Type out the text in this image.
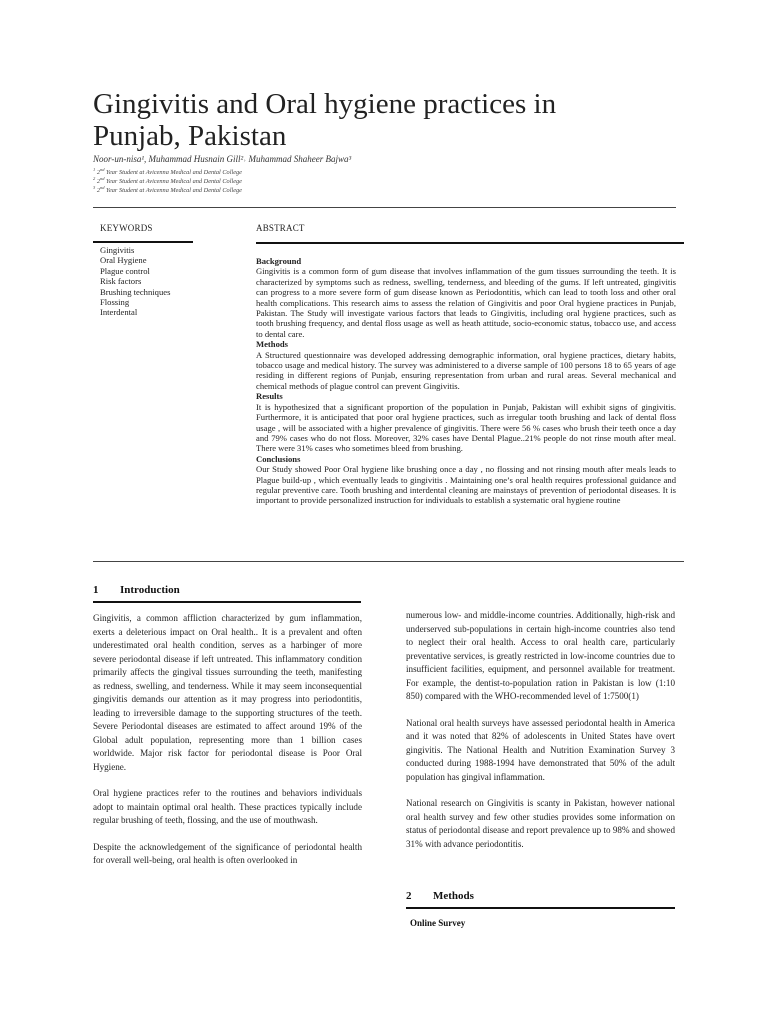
Gingivitis and Oral hygiene practices in
Punjab, Pakistan
Noor-un-nisa¹, Muhammad Husnain Gill²˒ Muhammad Shaheer Bajwa³
$^1$ 2nd Year Student at Avicenna Medical and Dental College
$^2$ 2nd Year Student at Avicenna Medical and Dental College
$^3$ 2nd Year Student at Avicenna Medical and Dental College
KEYWORDS
Gingivitis
Oral Hygiene
Plague control
Risk factors
Brushing techniques
Flossing
Interdental
ABSTRACT

Background

Gingivitis is a common form of gum disease that involves inflammation of the gum tissues surrounding the teeth. It is characterized by symptoms such as redness, swelling, tenderness, and bleeding of the gums. If left untreated, gingivitis can progress to a more severe form of gum disease known as Periodontitis, which can lead to tooth loss and other oral health complications. This research aims to assess the relation of Gingivitis and poor Oral hygiene practices in Punjab, Pakistan. The Study will investigate various factors that leads to Gingivitis, including oral hygiene practices, such as tooth brushing frequency, and dental floss usage as well as heath attitude, socio-economic status, tobacco use, and access to dental care.

Methods

A Structured questionnaire was developed addressing demographic information, oral hygiene practices, dietary habits, tobacco usage and medical history. The survey was administered to a diverse sample of 100 persons 18 to 65 years of age residing in different regions of Punjab, ensuring representation from urban and rural areas. Several mechanical and chemical methods of plague control can prevent Gingivitis.

Results

It is hypothesized that a significant proportion of the population in Punjab, Pakistan will exhibit signs of gingivitis. Furthermore, it is anticipated that poor oral hygiene practices, such as irregular tooth brushing and lack of dental floss usage , will be associated with a higher prevalence of gingivitis. There were 56 % cases who brush their teeth once a day and 79% cases who do not floss. Moreover, 32% cases have Dental Plague..21% people do not rinse mouth after meal. There were 31% cases who sometimes bleed from brushing.

Conclusions

Our Study showed Poor Oral hygiene like brushing once a day , no flossing and not rinsing mouth after meals leads to Plague build-up , which eventually leads to gingivitis . Maintaining one’s oral health requires professional guidance and regular preventive care. Tooth brushing and interdental cleaning are mainstays of prevention of periodontal diseases. It is important to provide personalized instruction for individuals to establish a systematic oral hygiene routine

1 Introduction

Gingivitis, a common affliction characterized by gum inflammation, exerts a deleterious impact on Oral health.. It is a prevalent and often underestimated oral health condition, serves as a harbinger of more severe periodontal disease if left untreated. This inflammatory condition primarily affects the gingival tissues surrounding the teeth, manifesting as redness, swelling, and tenderness. While it may seem inconsequential gingivitis demands our attention as it may progress into periodontitis, leading to irreversible damage to the supporting structures of the teeth. Severe Periodontal diseases are estimated to affect around 19% of the Global adult population, representing more than 1 billion cases worldwide. Major risk factor for periodontal disease is Poor Oral Hygiene.

Oral hygiene practices refer to the routines and behaviors individuals adopt to maintain optimal oral health. These practices typically include regular brushing of teeth, flossing, and the use of mouthwash.

Despite the acknowledgement of the significance of periodontal health for overall well-being, oral health is often overlooked in

numerous low- and middle-income countries. Additionally, high-risk and underserved sub-populations in certain high-income countries also tend to neglect their oral health. Access to oral health care, particularly preventative services, is greatly restricted in low-income countries due to insufficient facilities, equipment, and personnel available for treatment. For example, the dentist-to-population ration in Pakistan is low (1:10 850) compared with the WHO-recommended level of 1:7500(1)

National oral health surveys have assessed periodontal health in America and it was noted that 82% of adolescents in United States have overt gingivitis. The National Health and Nutrition Examination Survey 3 conducted during 1988-1994 have demonstrated that 50% of the adult population has gingival inflammation.

National research on Gingivitis is scanty in Pakistan, however national oral health survey and few other studies provides some information on status of periodontal disease and report prevalence up to 98% and showed 31% with advance periodontitis.

2 Methods
Online Survey
